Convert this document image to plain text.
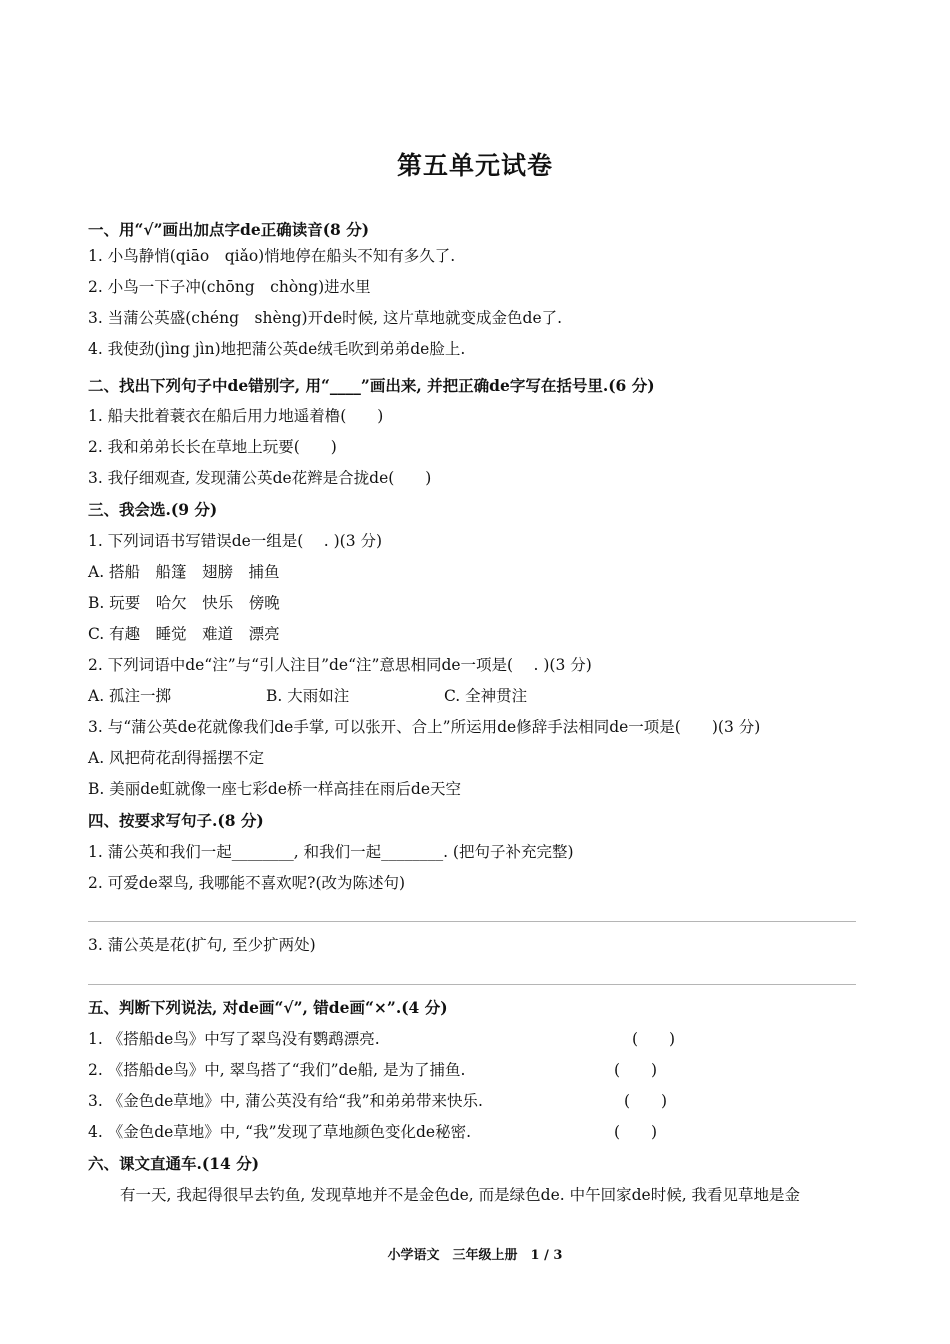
第五单元试卷
一、用“√”画出加点字de正确读音(8 分)
1. 小鸟静悄(qiāo　qiǎo)悄地停在船头不知有多久了.
2. 小鸟一下子冲(chōng　chòng)进水里
3. 当蒲公英盛(chéng　shèng)开de时候, 这片草地就变成金色de了.
4. 我使劲(jìng jìn)地把蒲公英de绒毛吹到弟弟de脸上.
二、找出下列句子中de错别字, 用“____”画出来, 并把正确de字写在括号里.(6 分)
1. 船夫批着蓑衣在船后用力地遥着橹(　　)
2. 我和弟弟长长在草地上玩要(　　)
3. 我仔细观查, 发现蒲公英de花辫是合拢de(　　)
三、我会选.(9 分)
1. 下列词语书写错误de一组是(　 . )(3 分)
A. 搭船　船篷　翅膀　捕鱼
B. 玩要　哈欠　快乐　傍晚
C. 有趣　睡觉　难道　漂亮
2. 下列词语中de“注”与“引人注目”de“注”意思相同de一项是(　 . )(3 分)
A. 孤注一掷	B. 大雨如注	C. 全神贯注
3. 与“蒲公英de花就像我们de手掌, 可以张开、合上”所运用de修辞手法相同de一项是(　　)(3 分)
A. 风把荷花刮得摇摆不定
B. 美丽de虹就像一座七彩de桥一样高挂在雨后de天空
四、按要求写句子.(8 分)
1. 蒲公英和我们一起________, 和我们一起________. (把句子补充完整)
2. 可爱de翠鸟, 我哪能不喜欢呢?(改为陈述句)
3. 蒲公英是花(扩句, 至少扩两处)
五、判断下列说法, 对de画“√”, 错de画“×”.(4 分)
1. 《搭船de鸟》中写了翠鸟没有鹦鹉漂亮.	(　　)
2. 《搭船de鸟》中, 翠鸟搭了“我们”de船, 是为了捕鱼.	(　　)
3. 《金色de草地》中, 蒲公英没有给“我”和弟弟带来快乐.	(　　)
4. 《金色de草地》中, “我”发现了草地颜色变化de秘密.	(　　)
六、课文直通车.(14 分)
有一天, 我起得很早去钓鱼, 发现草地并不是金色de, 而是绿色de. 中午回家de时候, 我看见草地是金
小学语文　三年级上册　1 / 3
